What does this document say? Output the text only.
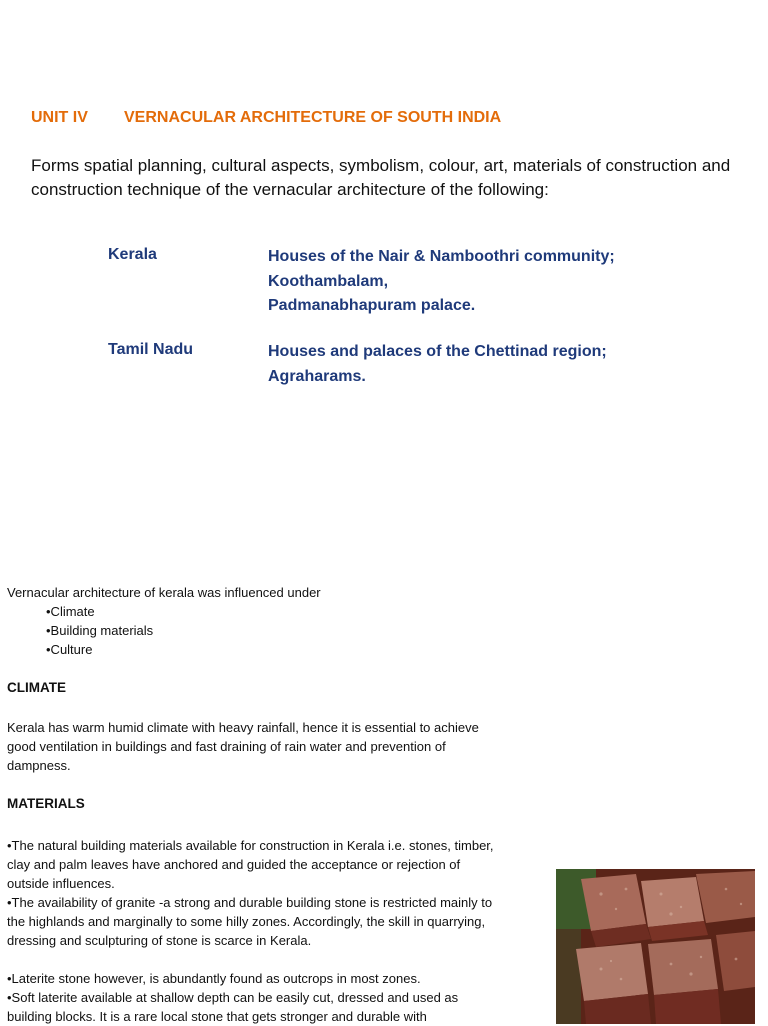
UNIT IV VERNACULAR ARCHITECTURE OF SOUTH INDIA
Forms spatial planning, cultural aspects, symbolism, colour, art, materials of construction and construction technique of the vernacular architecture of the following:
Kerala	Houses of the Nair & Namboothri community;
Koothambalam,
Padmanabhapuram palace.
Tamil Nadu	Houses and palaces of the Chettinad region;
Agraharams.
Vernacular architecture of kerala was influenced under
•Climate
•Building materials
•Culture
CLIMATE
Kerala has warm humid climate with heavy rainfall, hence it is essential to achieve good ventilation in buildings and fast draining of rain water and prevention of dampness.
MATERIALS
•The natural building materials available for construction in Kerala i.e. stones, timber, clay and palm leaves have anchored and guided the acceptance or rejection of outside influences.
•The availability of granite -a strong and durable building stone is restricted mainly to the highlands and marginally to some hilly zones. Accordingly, the skill in quarrying, dressing and sculpturing of stone is scarce in Kerala.
•Laterite stone however, is abundantly found as outcrops in most zones.
•Soft laterite available at shallow depth can be easily cut, dressed and used as building blocks. It is a rare local stone that gets stronger and durable with
